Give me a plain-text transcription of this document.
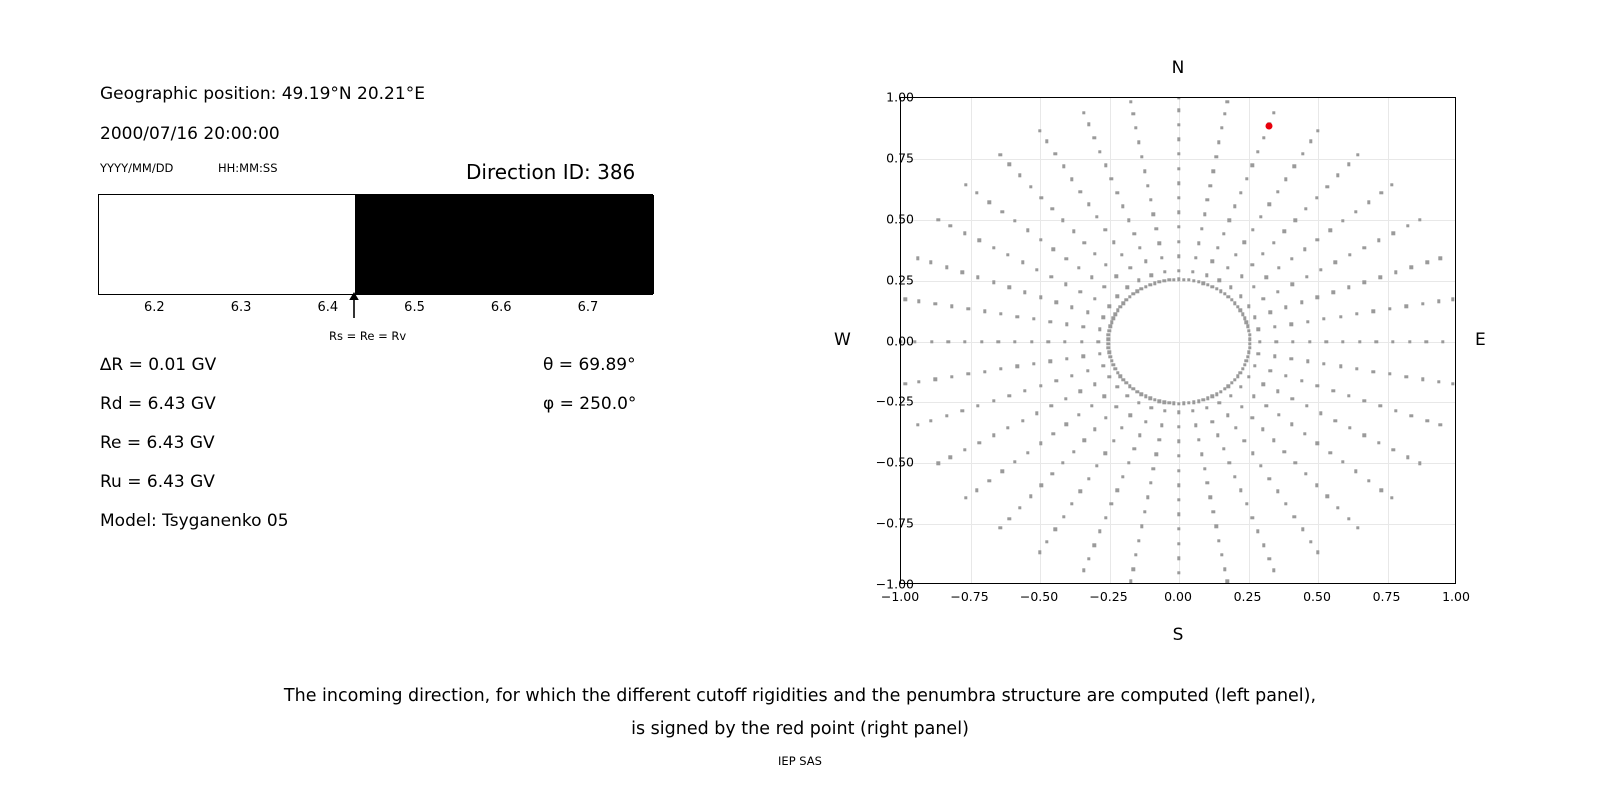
Geographic position: 49.19°N 20.21°E
2000/07/16 20:00:00
YYYY/MM/DD	HH:MM:SS	Direction ID: 386
6.2	6.3	6.4	6.5	6.6	6.7
Rs = Re = Rv
∆R = 0.01 GV
Rd = 6.43 GV
Re = 6.43 GV
Ru = 6.43 GV
Model: Tsyganenko 05
θ = 69.89°
φ = 250.0°
N
S
W	E
−1.00
−0.75
−0.50
−0.25
0.00
0.25
0.50
0.75
1.00
−1.00 −0.75 −0.50 −0.25	0.00	0.25	0.50	0.75	1.00
The incoming direction, for which the different cutoff rigidities and the penumbra structure are computed (left panel),
is signed by the red point (right panel)
IEP SAS
